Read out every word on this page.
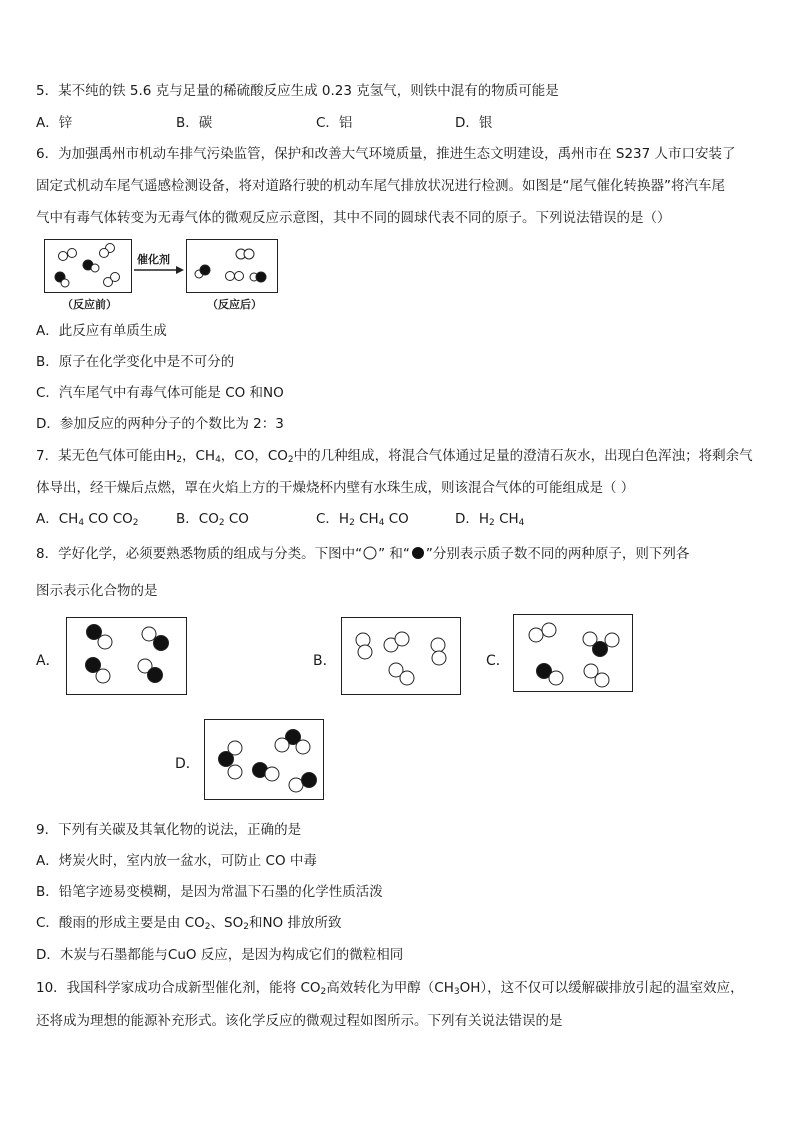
5．某不纯的铁 5.6 克与足量的稀硫酸反应生成 0.23 克氢气，则铁中混有的物质可能是
A．锌	B．碳	C．铝	D．银
6．为加强禹州市机动车排气污染监管，保护和改善大气环境质量，推进生态文明建设，禹州市在 S237 人市口安装了
固定式机动车尾气遥感检测设备，将对道路行驶的机动车尾气排放状况进行检测。如图是“尾气催化转换器”将汽车尾
气中有毒气体转变为无毒气体的微观反应示意图，其中不同的圆球代表不同的原子。下列说法错误的是（）
催化剂
（反应前）	（反应后）
A．此反应有单质生成
B．原子在化学变化中是不可分的
C．汽车尾气中有毒气体可能是 CO 和NO
D．参加反应的两种分子的个数比为 2：3
7．某无色气体可能由$H_2$，$CH_4$，CO，$CO_2$中的几种组成，将混合气体通过足量的澄清石灰水，出现白色浑浊；将剩余气
体导出，经干燥后点燃，罩在火焰上方的干燥烧杯内壁有水珠生成，则该混合气体的可能组成是（ ）
A．$CH_4$ CO $CO_2$	B．$CO_2$ CO	C．$H_2$ $CH_4$ CO	D．$H_2$ $CH_4$
8．学好化学，必须要熟悉物质的组成与分类。下图中“ ” 和“ ”分别表示质子数不同的两种原子，则下列各
图示表示化合物的是
A．	B．	C．
D．
9．下列有关碳及其氧化物的说法，正确的是
A．烤炭火时，室内放一盆水，可防止 CO 中毒
B．铅笔字迹易变模糊，是因为常温下石墨的化学性质活泼
C．酸雨的形成主要是由 $CO_2$、$SO_2$和NO 排放所致
D．木炭与石墨都能与CuO 反应，是因为构成它们的微粒相同
10．我国科学家成功合成新型催化剂，能将 $CO_2$高效转化为甲醇$(CH_3OH)$，这不仅可以缓解碳排放引起的温室效应，
还将成为理想的能源补充形式。该化学反应的微观过程如图所示。下列有关说法错误的是
